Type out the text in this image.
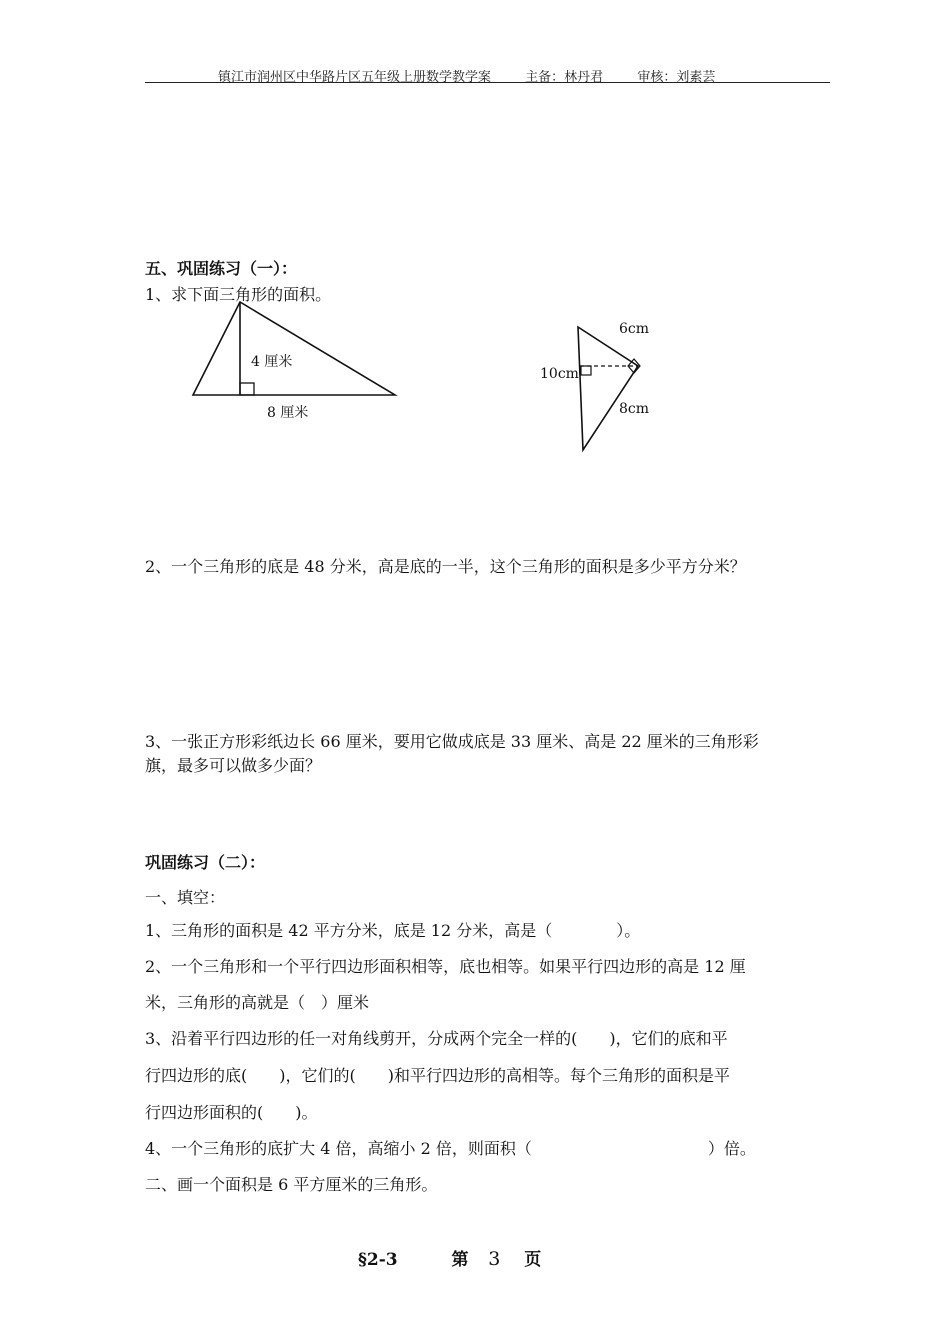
镇江市润州区中华路片区五年级上册数学教学案	主备：林丹君	审核：刘素芸
五、巩固练习（一）：
1、求下面三角形的面积。
4 厘米
8 厘米
6cm
10cm
8cm
2、一个三角形的底是 48 分米，高是底的一半，这个三角形的面积是多少平方分米？
3、一张正方形彩纸边长 66 厘米，要用它做成底是 33 厘米、高是 22 厘米的三角形彩
旗，最多可以做多少面？
巩固练习（二）：
一、填空：
1、三角形的面积是 42 平方分米，底是 12 分米，高是（　　　　）。
2、一个三角形和一个平行四边形面积相等，底也相等。如果平行四边形的高是 12 厘
米，三角形的高就是（　）厘米
3、沿着平行四边形的任一对角线剪开，分成两个完全一样的(　　)，它们的底和平
行四边形的底(　　)，它们的(　　)和平行四边形的高相等。每个三角形的面积是平
行四边形面积的(　　)。
4、一个三角形的底扩大 4 倍，高缩小 2 倍，则面积（　　　　　　　　　　　）倍。
二、画一个面积是 6 平方厘米的三角形。
§2-3	第 3 页
